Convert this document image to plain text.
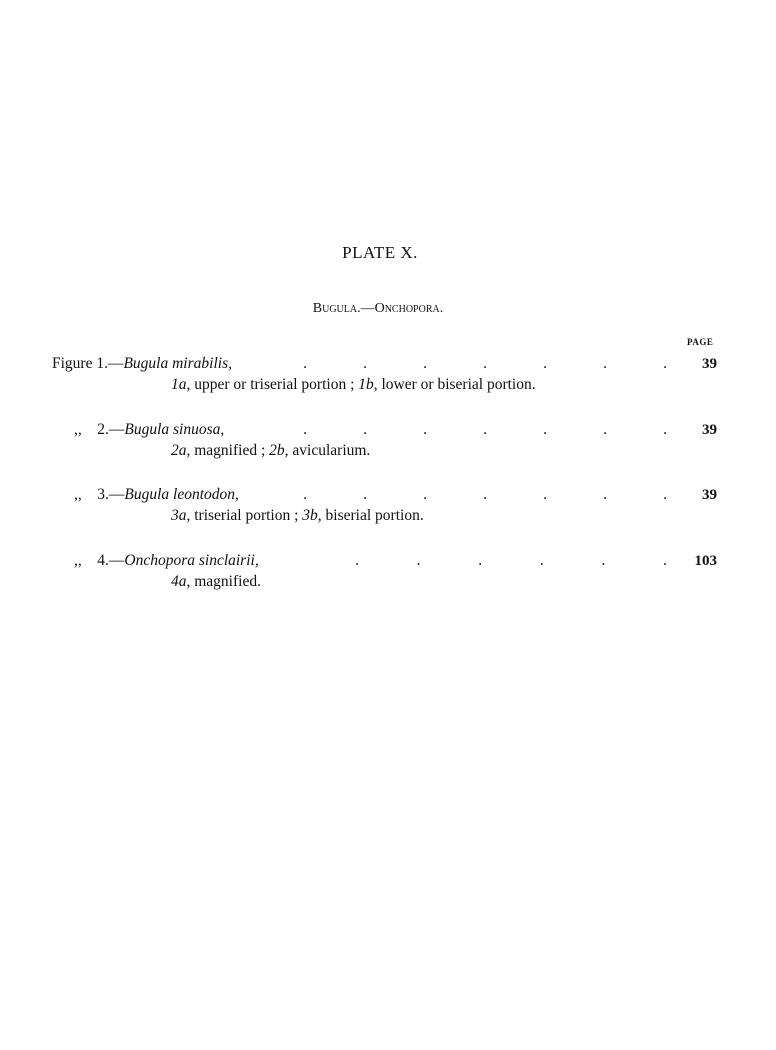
PLATE X.
Bugula.—Onchopora.
PAGE
Figure 1.—Bugula mirabilis,	.	.	.	.	.	.	. 39
1a, upper or triserial portion ; 1b, lower or biserial portion.
,, 2.—Bugula sinuosa,	.	.	.	.	.	.	. 39
2a, magnified ; 2b, avicularium.
,, 3.—Bugula leontodon,	.	.	.	.	.	.	. 39
3a, triserial portion ; 3b, biserial portion.
,, 4.—Onchopora sinclairii,	.	.	.	.	.	. 103
4a, magnified.
